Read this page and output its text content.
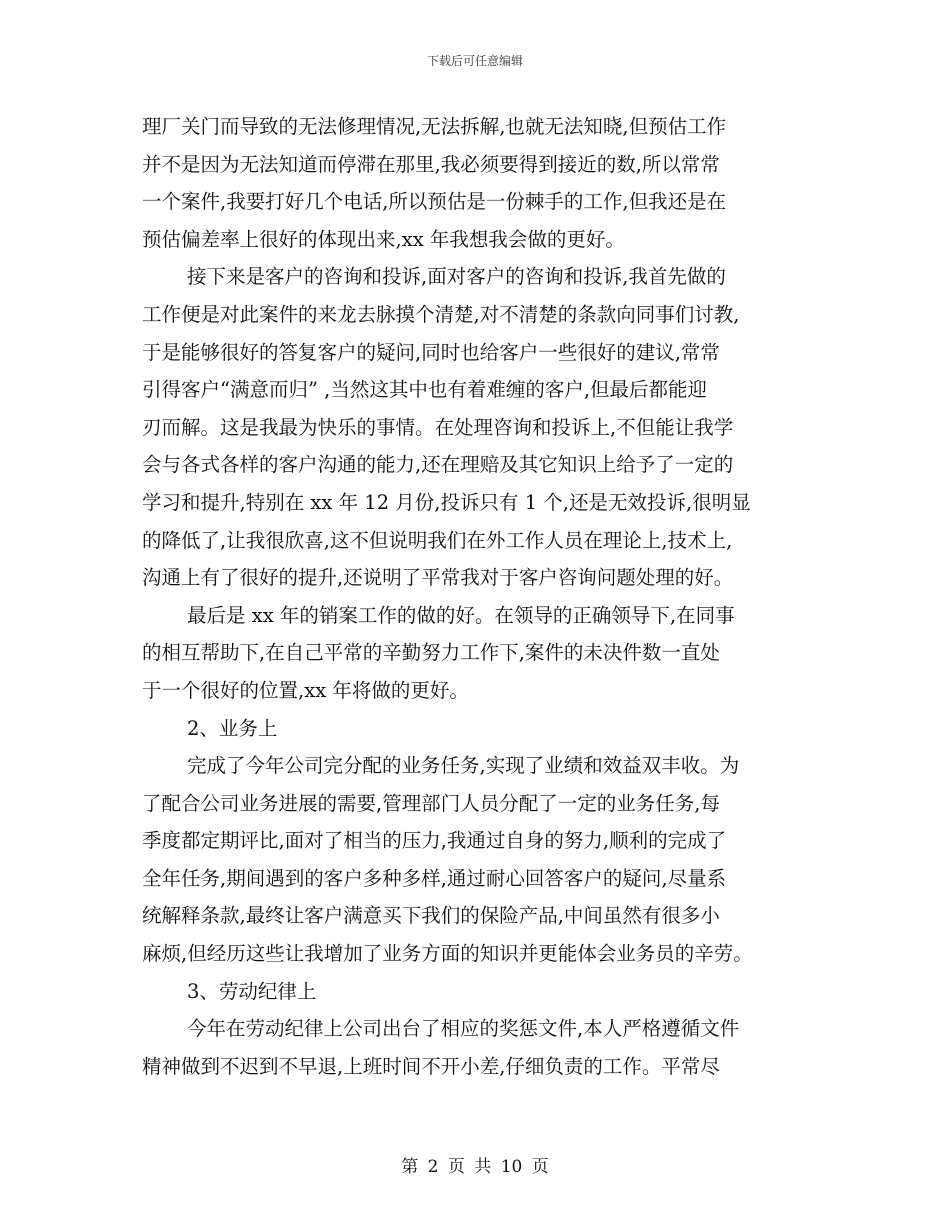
下载后可任意编辑
理厂关门而导致的无法修理情况,无法拆解,也就无法知晓,但预估工作
并不是因为无法知道而停滞在那里,我必须要得到接近的数,所以常常
一个案件,我要打好几个电话,所以预估是一份棘手的工作,但我还是在
预估偏差率上很好的体现出来,xx 年我想我会做的更好。
接下来是客户的咨询和投诉,面对客户的咨询和投诉,我首先做的
工作便是对此案件的来龙去脉摸个清楚,对不清楚的条款向同事们讨教,
于是能够很好的答复客户的疑问,同时也给客户一些很好的建议,常常
引得客户“满意而归” ,当然这其中也有着难缠的客户,但最后都能迎
刃而解。这是我最为快乐的事情。在处理咨询和投诉上,不但能让我学
会与各式各样的客户沟通的能力,还在理赔及其它知识上给予了一定的
学习和提升,特别在 xx 年 12 月份,投诉只有 1 个,还是无效投诉,很明显
的降低了,让我很欣喜,这不但说明我们在外工作人员在理论上,技术上,
沟通上有了很好的提升,还说明了平常我对于客户咨询问题处理的好。
最后是 xx 年的销案工作的做的好。在领导的正确领导下,在同事
的相互帮助下,在自己平常的辛勤努力工作下,案件的未决件数一直处
于一个很好的位置,xx 年将做的更好。
2、业务上
完成了今年公司完分配的业务任务,实现了业绩和效益双丰收。为
了配合公司业务进展的需要,管理部门人员分配了一定的业务任务,每
季度都定期评比,面对了相当的压力,我通过自身的努力,顺利的完成了
全年任务,期间遇到的客户多种多样,通过耐心回答客户的疑问,尽量系
统解释条款,最终让客户满意买下我们的保险产品,中间虽然有很多小
麻烦,但经历这些让我增加了业务方面的知识并更能体会业务员的辛劳。
3、劳动纪律上
今年在劳动纪律上公司出台了相应的奖惩文件,本人严格遵循文件
精神做到不迟到不早退,上班时间不开小差,仔细负责的工作。平常尽
第 2 页 共 10 页
